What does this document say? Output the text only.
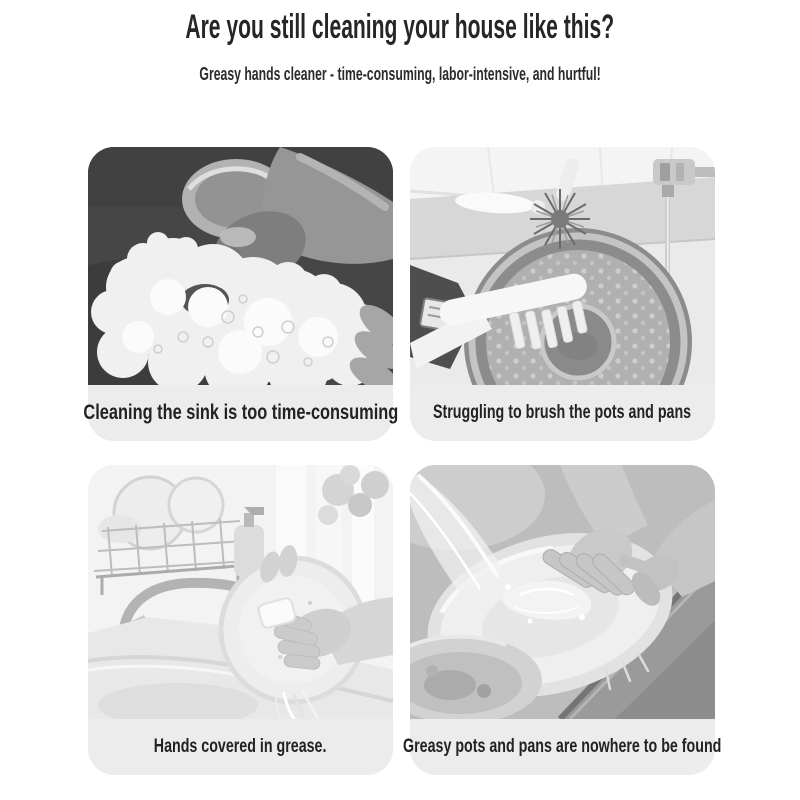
Are you still cleaning your house like this?
Greasy hands cleaner - time-consuming, labor-intensive, and hurtful!
Cleaning the sink is too time-consuming Struggling to brush the pots and pans
Hands covered in grease.	Greasy pots and pans are nowhere to be found
